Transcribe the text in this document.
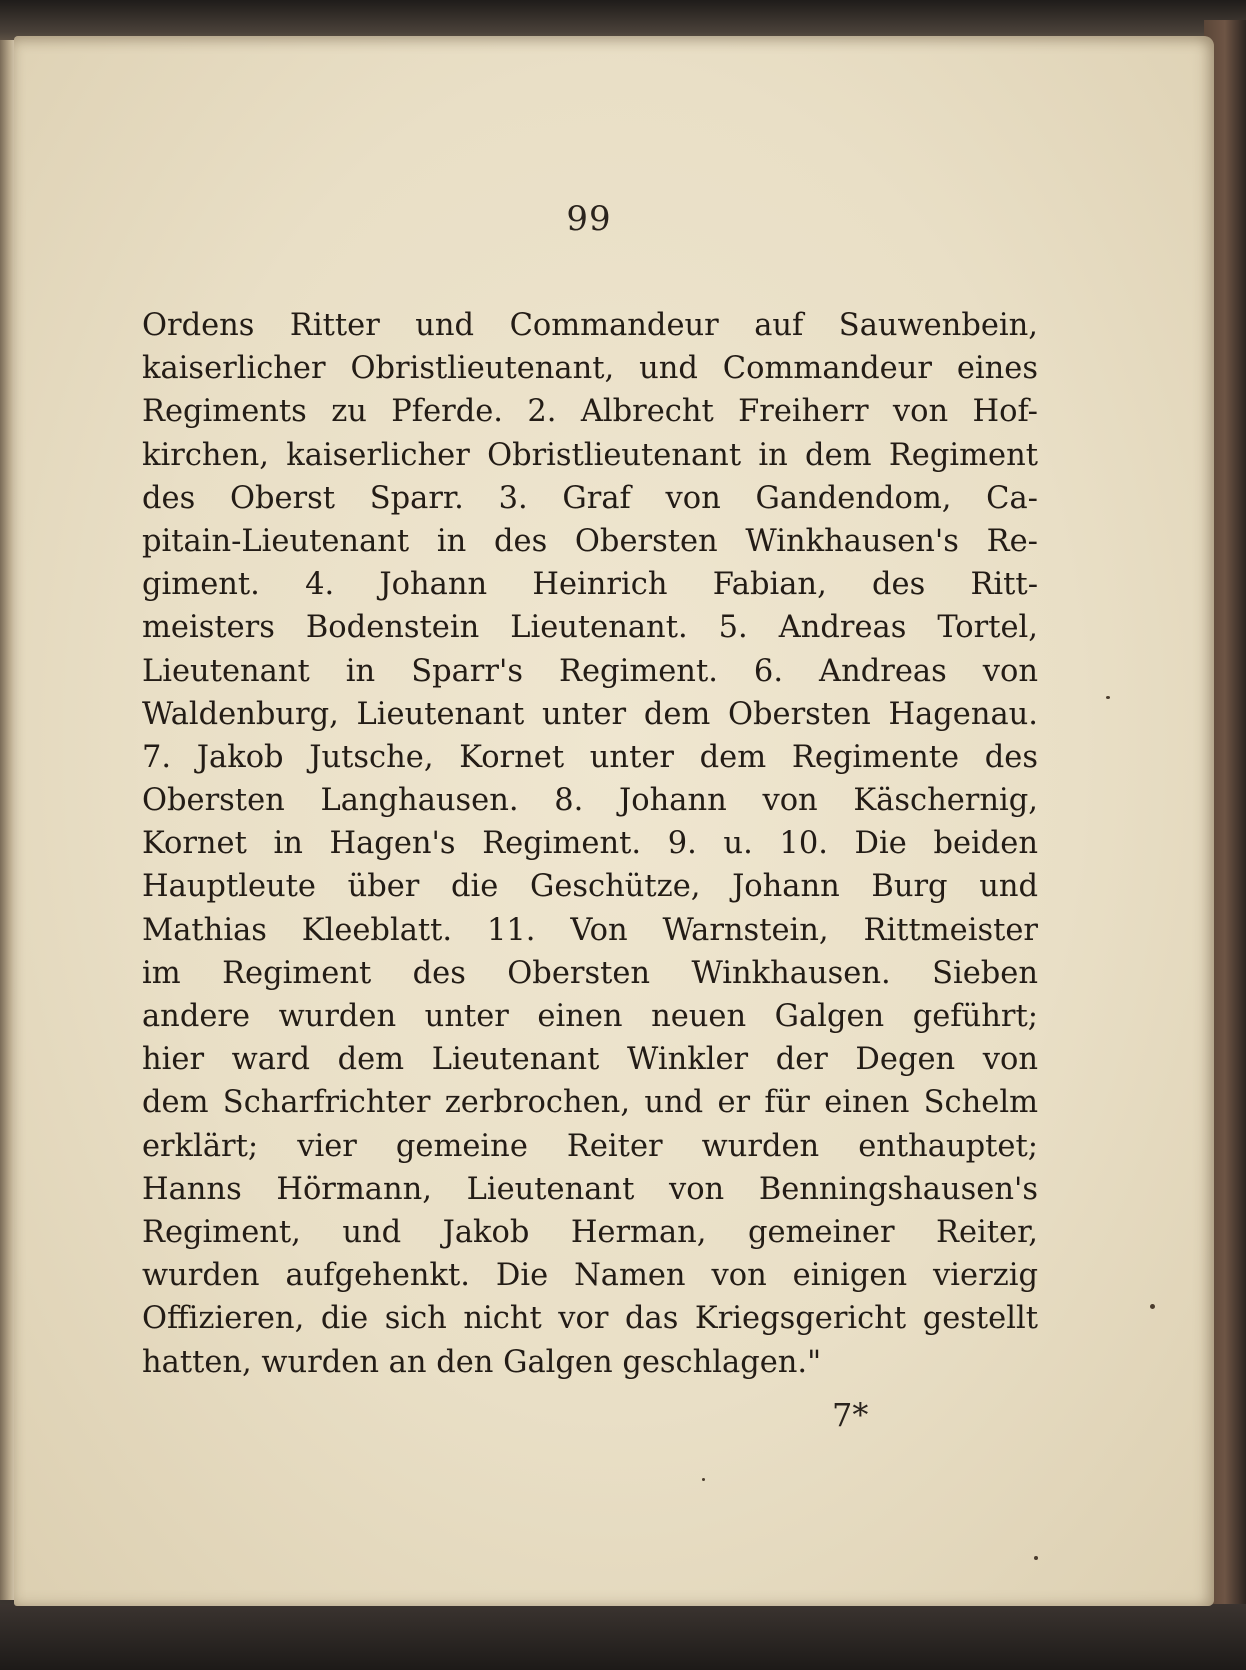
99
Ordens Ritter und Commandeur auf Sauwenbein,
kaiserlicher Obristlieutenant, und Commandeur eines
Regiments zu Pferde. 2. Albrecht Freiherr von Hof-
kirchen, kaiserlicher Obristlieutenant in dem Regiment
des Oberst Sparr. 3. Graf von Gandendom, Ca-
pitain-Lieutenant in des Obersten Winkhausen's Re-
giment. 4. Johann Heinrich Fabian, des Ritt-
meisters Bodenstein Lieutenant. 5. Andreas Tortel,
Lieutenant in Sparr's Regiment. 6. Andreas von
Waldenburg, Lieutenant unter dem Obersten Hagenau.
7. Jakob Jutsche, Kornet unter dem Regimente des
Obersten Langhausen. 8. Johann von Käschernig,
Kornet in Hagen's Regiment. 9. u. 10. Die beiden
Hauptleute über die Geschütze, Johann Burg und
Mathias Kleeblatt. 11. Von Warnstein, Rittmeister
im Regiment des Obersten Winkhausen. Sieben
andere wurden unter einen neuen Galgen geführt;
hier ward dem Lieutenant Winkler der Degen von
dem Scharfrichter zerbrochen, und er für einen Schelm
erklärt; vier gemeine Reiter wurden enthauptet;
Hanns Hörmann, Lieutenant von Benningshausen's
Regiment, und Jakob Herman, gemeiner Reiter,
wurden aufgehenkt. Die Namen von einigen vierzig
Offizieren, die sich nicht vor das Kriegsgericht gestellt
hatten, wurden an den Galgen geschlagen."
7*
